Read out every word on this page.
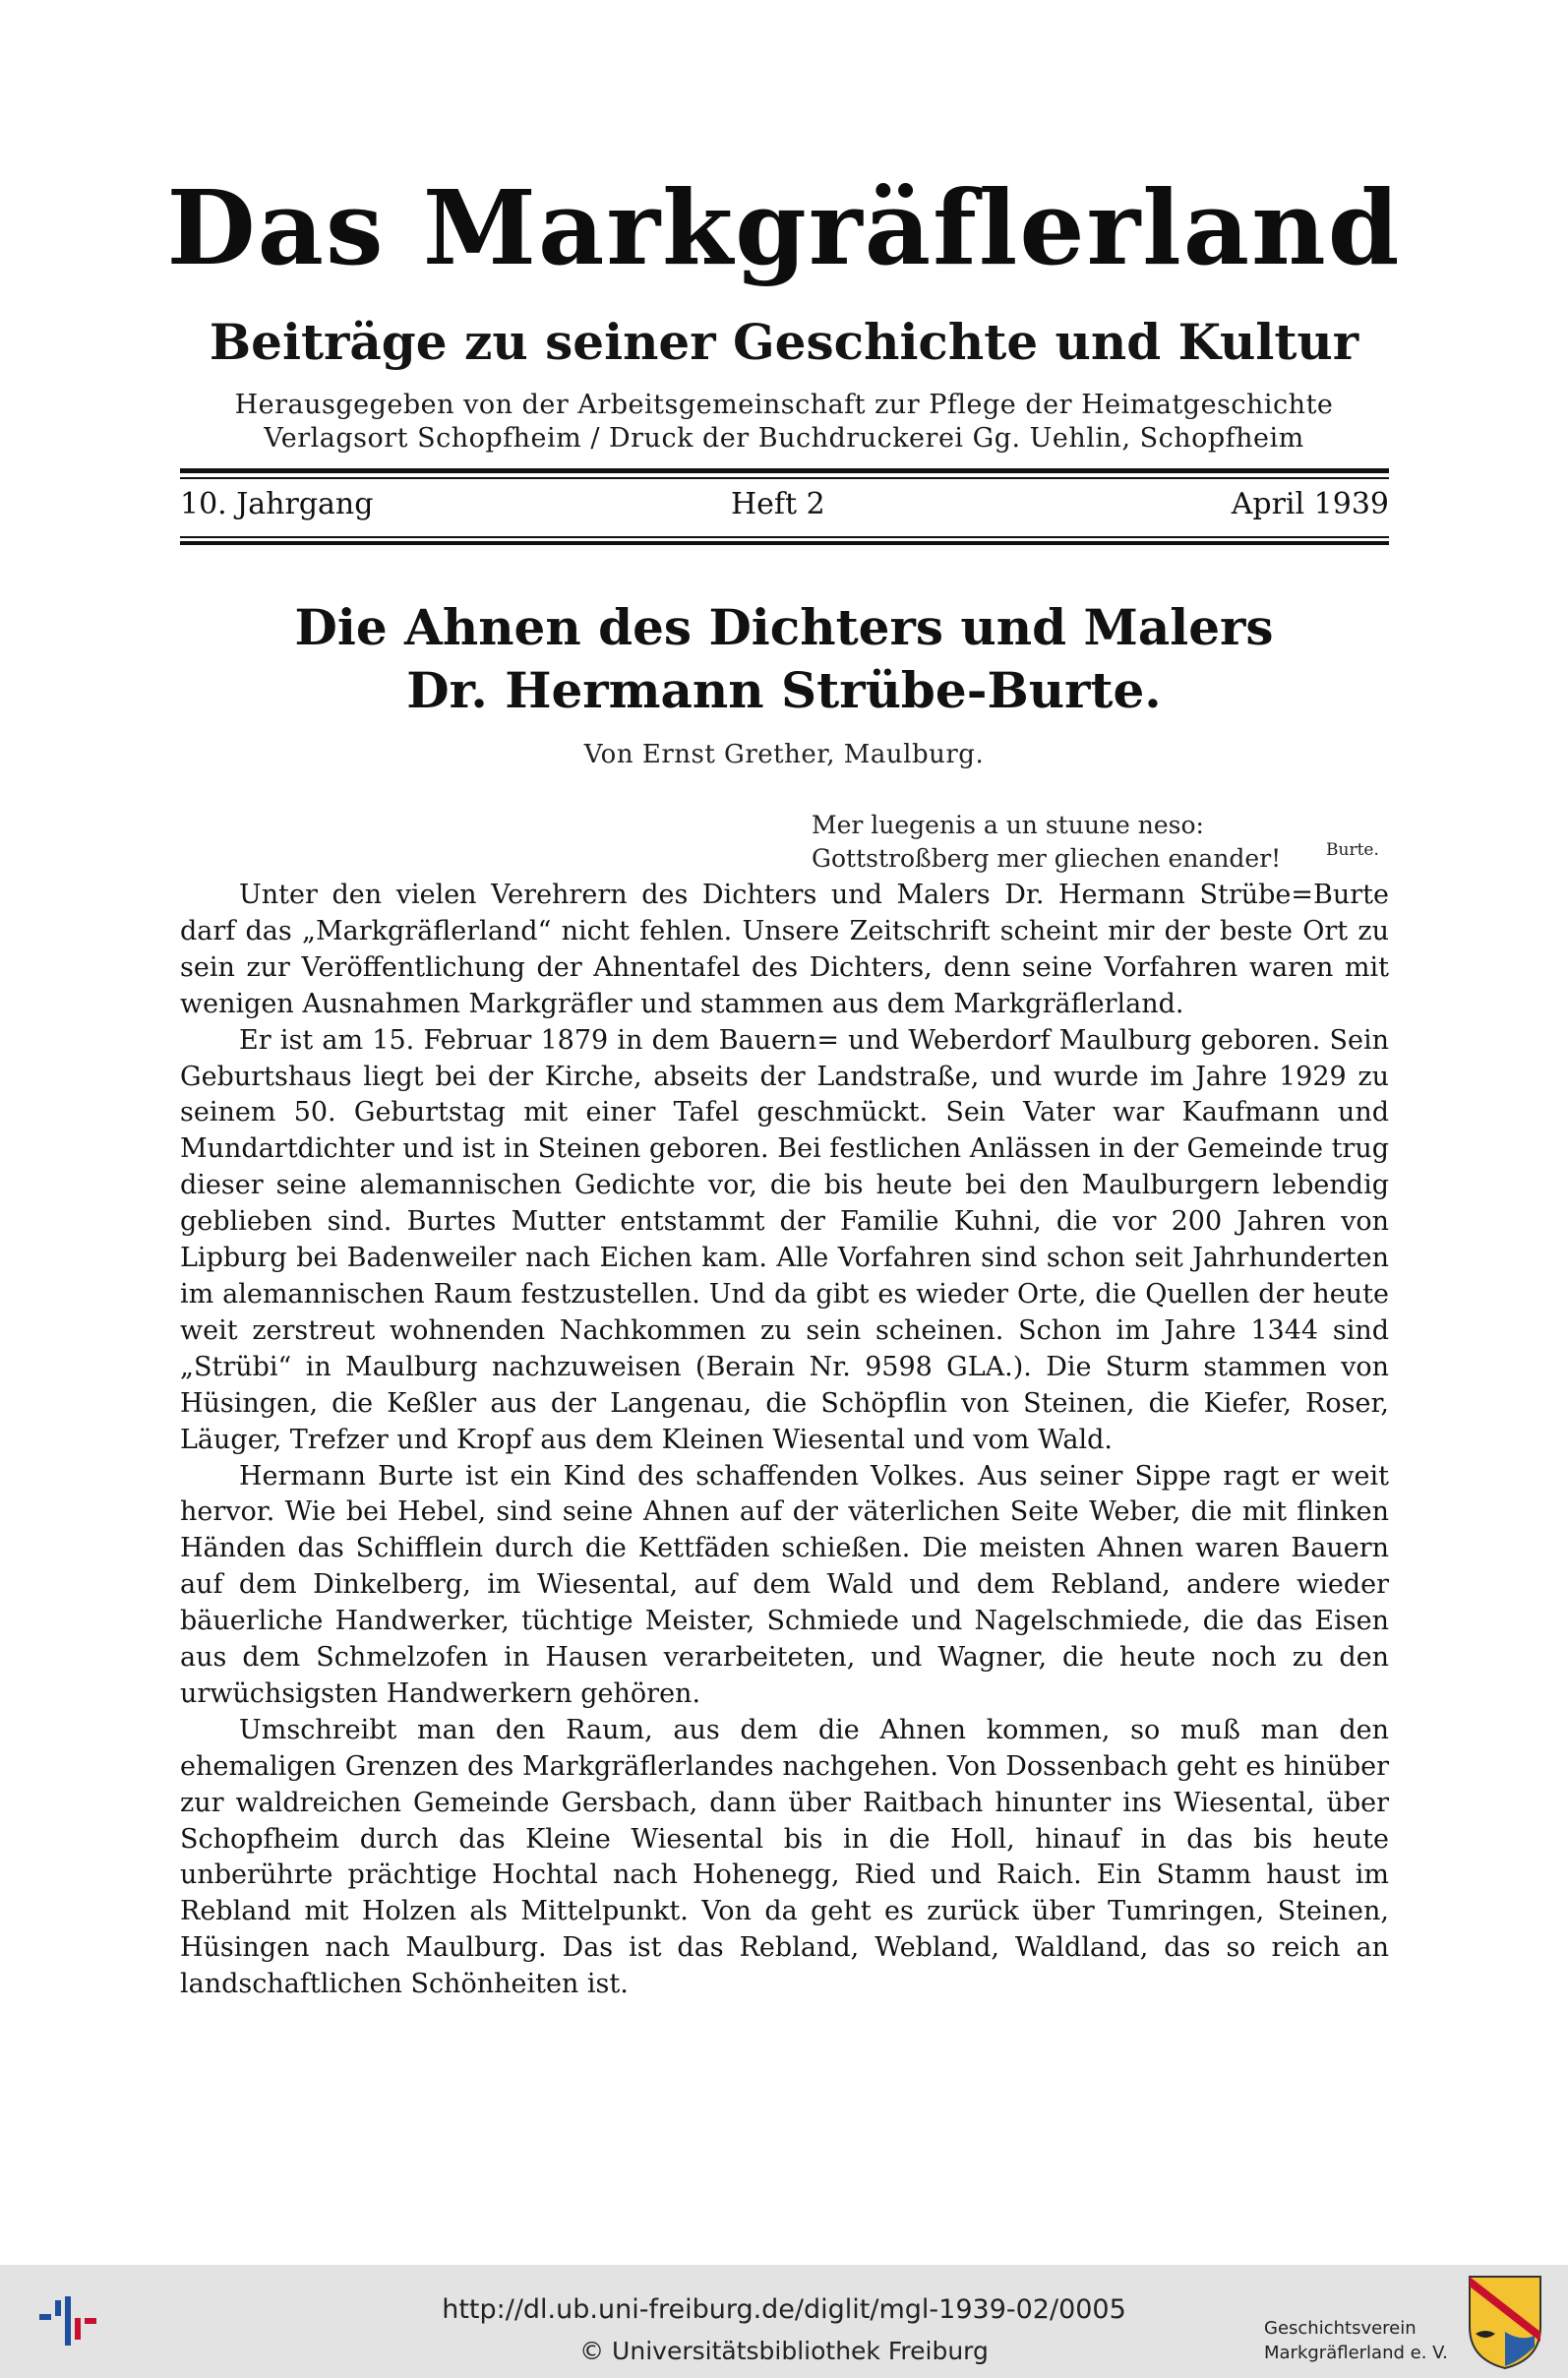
Das Markgräflerland
Beiträge zu seiner Geschichte und Kultur
Herausgegeben von der Arbeitsgemeinschaft zur Pflege der Heimatgeschichte
Verlagsort Schopfheim / Druck der Buchdruckerei Gg. Uehlin, Schopfheim
10. Jahrgang	Heft 2	April 1939
Die Ahnen des Dichters und Malers
Dr. Hermann Strübe-Burte.
Von Ernst Grether, Maulburg.
Mer luegenis a un stuune neso:
Gottstroßberg mer gliechen enander!	Burte.

Unter den vielen Verehrern des Dichters und Malers Dr. Hermann Strübe=Burte darf das „Markgräflerland“ nicht fehlen. Unsere Zeitschrift scheint mir der beste Ort zu sein zur Veröffentlichung der Ahnentafel des Dichters, denn seine Vorfahren waren mit wenigen Ausnahmen Markgräfler und stammen aus dem Markgräflerland.

Er ist am 15. Februar 1879 in dem Bauern= und Weberdorf Maulburg geboren. Sein Geburtshaus liegt bei der Kirche, abseits der Landstraße, und wurde im Jahre 1929 zu seinem 50. Geburtstag mit einer Tafel geschmückt. Sein Vater war Kaufmann und Mundartdichter und ist in Steinen geboren. Bei festlichen Anlässen in der Gemeinde trug dieser seine alemannischen Gedichte vor, die bis heute bei den Maulburgern lebendig geblieben sind. Burtes Mutter entstammt der Familie Kuhni, die vor 200 Jahren von Lipburg bei Badenweiler nach Eichen kam. Alle Vorfahren sind schon seit Jahrhunderten im alemannischen Raum festzustellen. Und da gibt es wieder Orte, die Quellen der heute weit zerstreut wohnenden Nachkommen zu sein scheinen. Schon im Jahre 1344 sind „Strübi“ in Maulburg nachzuweisen (Berain Nr. 9598 GLA.). Die Sturm stammen von Hüsingen, die Keßler aus der Langenau, die Schöpflin von Steinen, die Kiefer, Roser, Läuger, Trefzer und Kropf aus dem Kleinen Wiesental und vom Wald.

Hermann Burte ist ein Kind des schaffenden Volkes. Aus seiner Sippe ragt er weit hervor. Wie bei Hebel, sind seine Ahnen auf der väterlichen Seite Weber, die mit flinken Händen das Schifflein durch die Kettfäden schießen. Die meisten Ahnen waren Bauern auf dem Dinkelberg, im Wiesental, auf dem Wald und dem Rebland, andere wieder bäuerliche Handwerker, tüchtige Meister, Schmiede und Nagelschmiede, die das Eisen aus dem Schmelzofen in Hausen verarbeiteten, und Wagner, die heute noch zu den urwüchsigsten Handwerkern gehören.

Umschreibt man den Raum, aus dem die Ahnen kommen, so muß man den ehemaligen Grenzen des Markgräflerlandes nachgehen. Von Dossenbach geht es hinüber zur waldreichen Gemeinde Gersbach, dann über Raitbach hinunter ins Wiesental, über Schopfheim durch das Kleine Wiesental bis in die Holl, hinauf in das bis heute unberührte prächtige Hochtal nach Hohenegg, Ried und Raich. Ein Stamm haust im Rebland mit Holzen als Mittelpunkt. Von da geht es zurück über Tumringen, Steinen, Hüsingen nach Maulburg. Das ist das Rebland, Webland, Waldland, das so reich an landschaftlichen Schönheiten ist.

http://dl.ub.uni-freiburg.de/diglit/mgl-1939-02/0005
© Universitätsbibliothek Freiburg
Geschichtsverein
Markgräflerland e. V.
